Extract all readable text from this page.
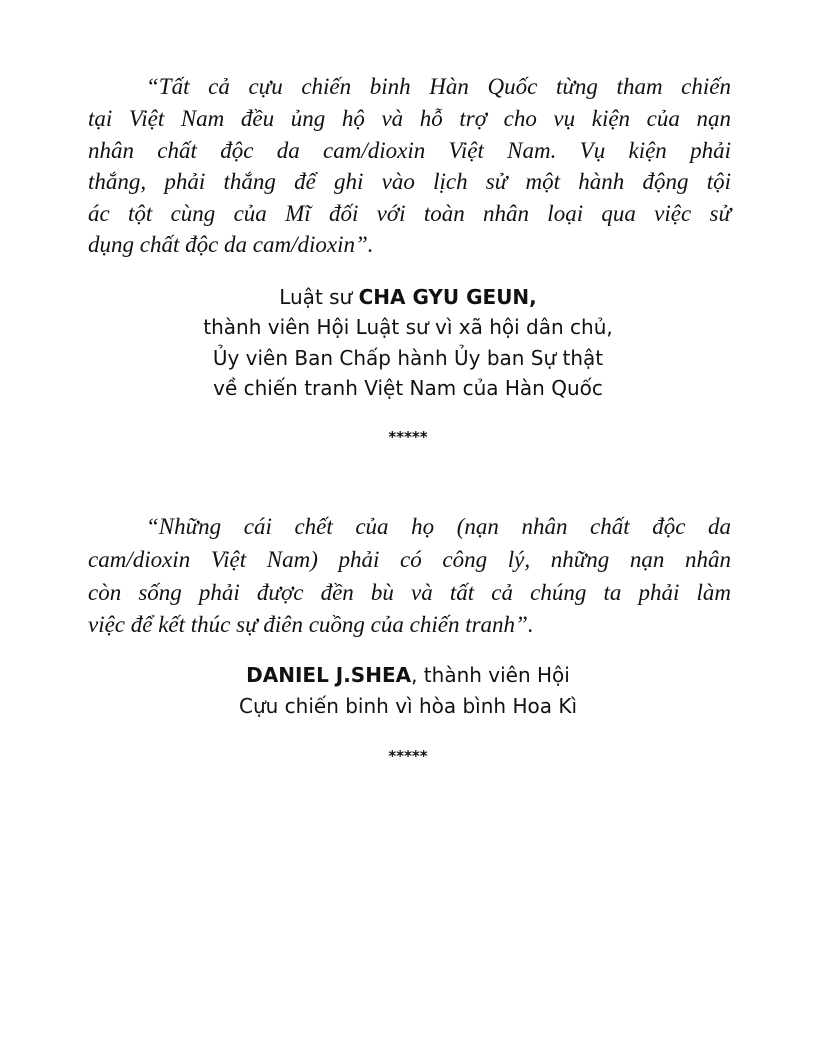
“Tất cả cựu chiến binh Hàn Quốc từng tham chiến
tại Việt Nam đều ủng hộ và hỗ trợ cho vụ kiện của nạn
nhân chất độc da cam/dioxin Việt Nam. Vụ kiện phải
thắng, phải thắng để ghi vào lịch sử một hành động tội
ác tột cùng của Mĩ đối với toàn nhân loại qua việc sử
dụng chất độc da cam/dioxin”.
Luật sư CHA GYU GEUN,
thành viên Hội Luật sư vì xã hội dân chủ,
Ủy viên Ban Chấp hành Ủy ban Sự thật
về chiến tranh Việt Nam của Hàn Quốc
*****
“Những cái chết của họ (nạn nhân chất độc da
cam/dioxin Việt Nam) phải có công lý, những nạn nhân
còn sống phải được đền bù và tất cả chúng ta phải làm
việc để kết thúc sự điên cuồng của chiến tranh”.
DANIEL J.SHEA, thành viên Hội
Cựu chiến binh vì hòa bình Hoa Kì
*****
